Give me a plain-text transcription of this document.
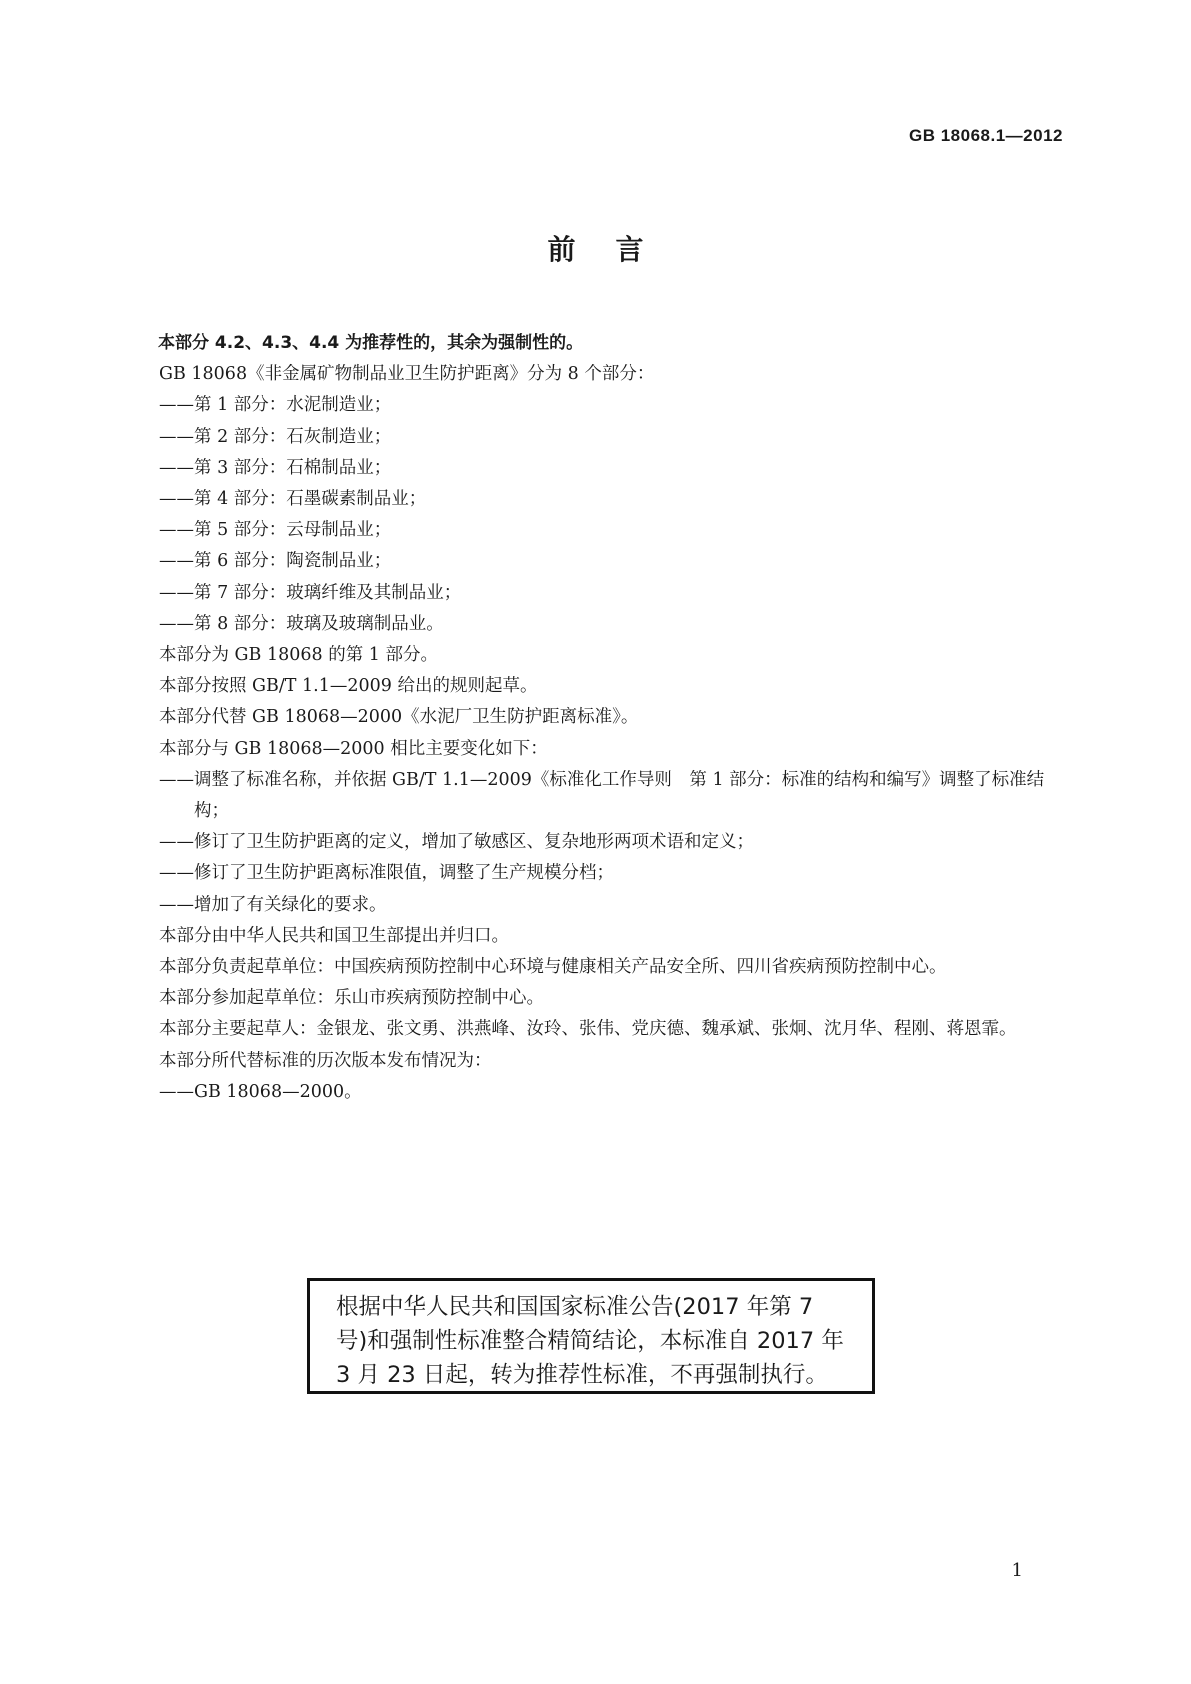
GB 18068.1—2012
前言

本部分 4.2、4.3、4.4 为推荐性的，其余为强制性的。

GB 18068《非金属矿物制品业卫生防护距离》分为 8 个部分：

——第 1 部分：水泥制造业；

——第 2 部分：石灰制造业；

——第 3 部分：石棉制品业；

——第 4 部分：石墨碳素制品业；

——第 5 部分：云母制品业；

——第 6 部分：陶瓷制品业；

——第 7 部分：玻璃纤维及其制品业；

——第 8 部分：玻璃及玻璃制品业。

本部分为 GB 18068 的第 1 部分。

本部分按照 GB/T 1.1—2009 给出的规则起草。

本部分代替 GB 18068—2000《水泥厂卫生防护距离标准》。

本部分与 GB 18068—2000 相比主要变化如下：

——调整了标准名称，并依据 GB/T 1.1—2009《标准化工作导则　第 1 部分：标准的结构和编写》调整了标准结构；

——修订了卫生防护距离的定义，增加了敏感区、复杂地形两项术语和定义；

——修订了卫生防护距离标准限值，调整了生产规模分档；

——增加了有关绿化的要求。

本部分由中华人民共和国卫生部提出并归口。

本部分负责起草单位：中国疾病预防控制中心环境与健康相关产品安全所、四川省疾病预防控制中心。

本部分参加起草单位：乐山市疾病预防控制中心。

本部分主要起草人：金银龙、张文勇、洪燕峰、汝玲、张伟、党庆德、魏承斌、张炯、沈月华、程刚、蒋恩霏。

本部分所代替标准的历次版本发布情况为：

——GB 18068—2000。

根据中华人民共和国国家标准公告(2017 年第 7 号)和强制性标准整合精简结论，本标准自 2017 年 3 月 23 日起，转为推荐性标准，不再强制执行。
1
